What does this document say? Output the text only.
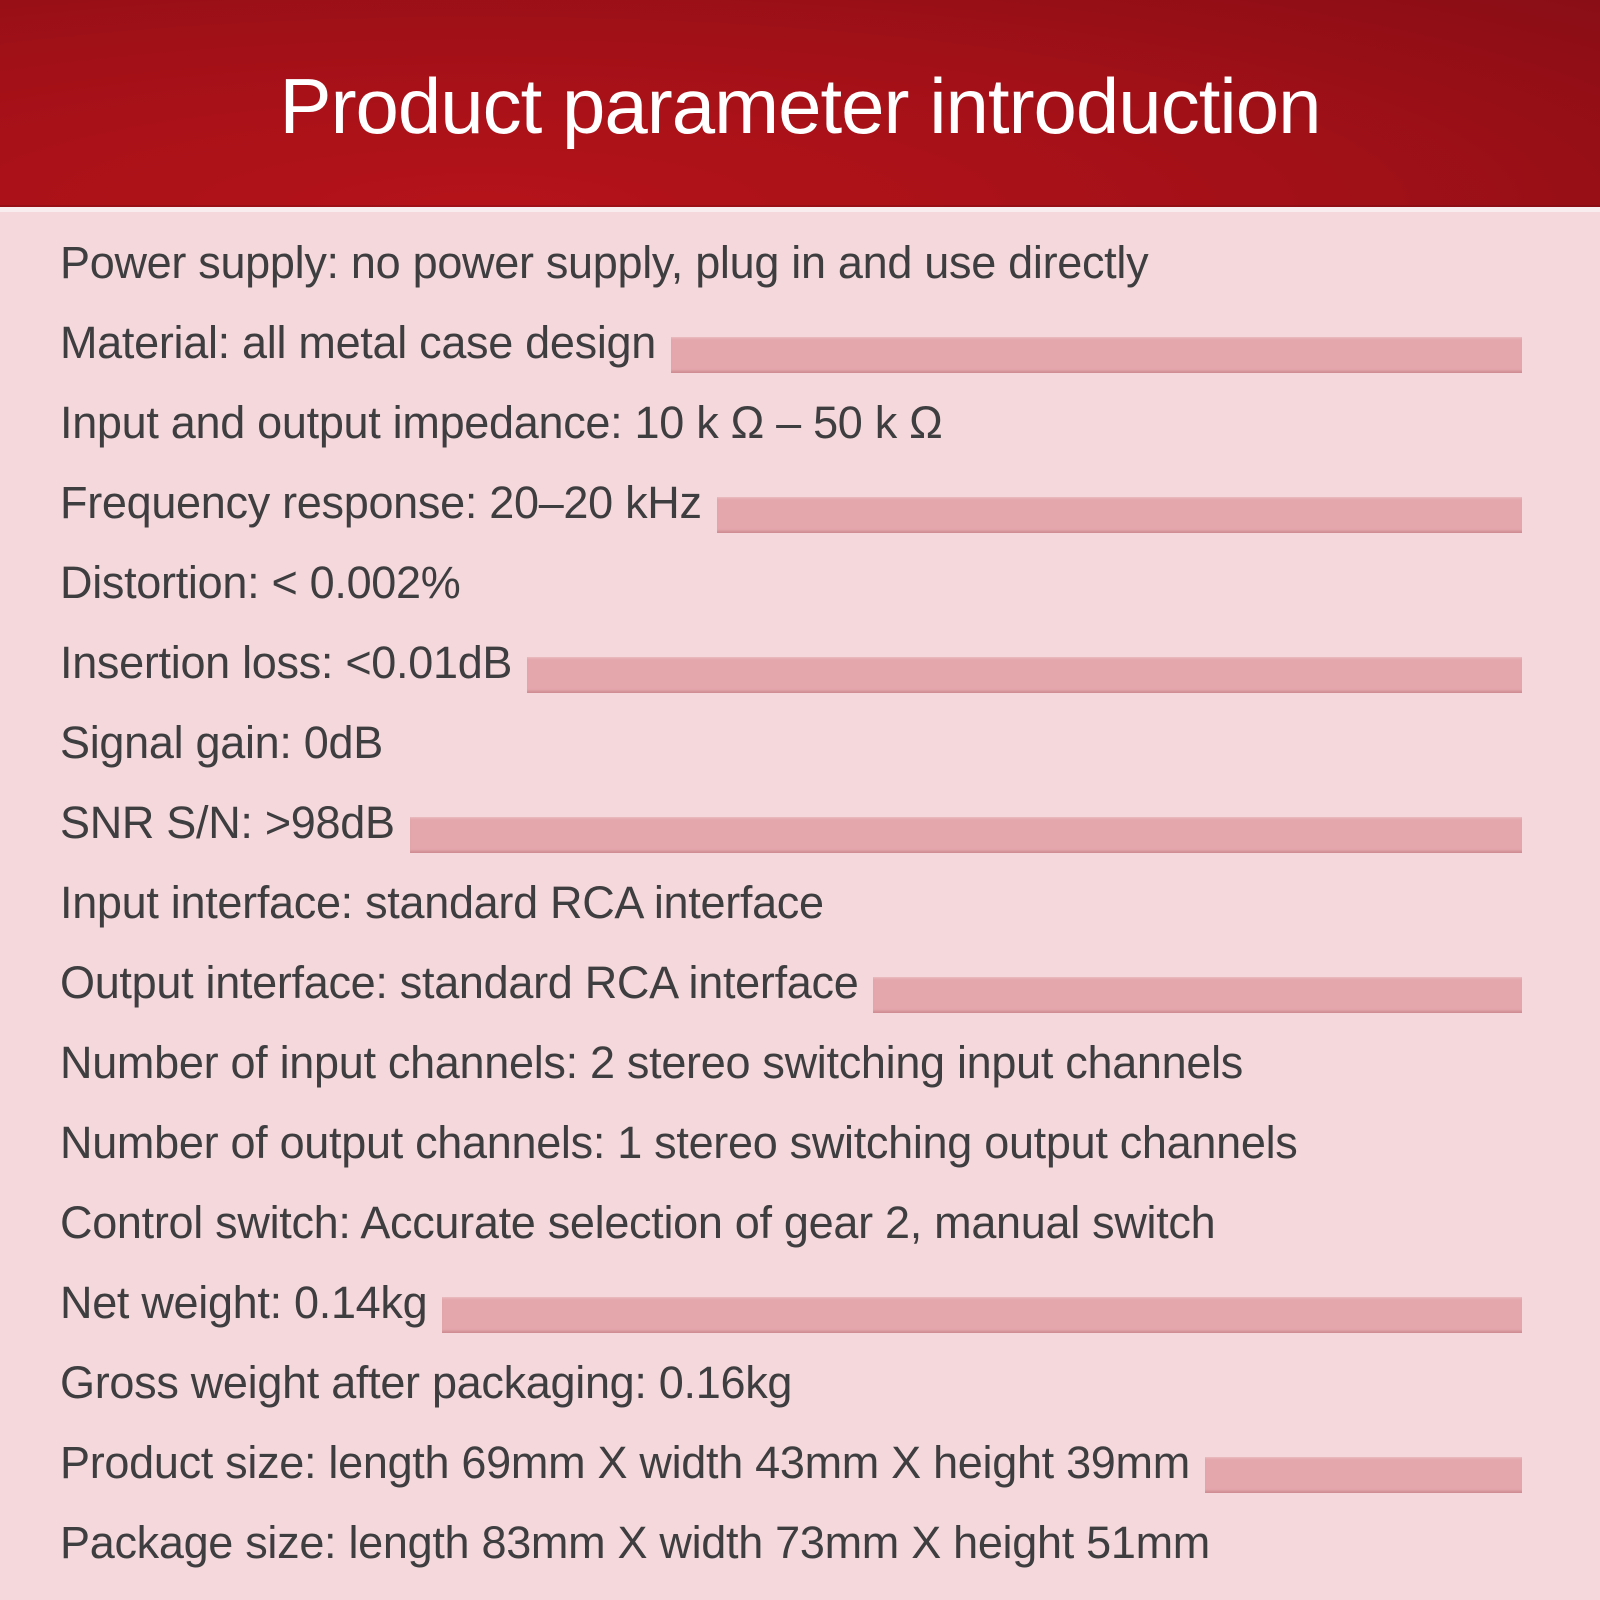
Product parameter introduction
Power supply: no power supply, plug in and use directly
Material: all metal case design
Input and output impedance: 10 k Ω – 50 k Ω
Frequency response: 20–20 kHz
Distortion: < 0.002%
Insertion loss: <0.01dB
Signal gain: 0dB
SNR S/N: >98dB
Input interface: standard RCA interface
Output interface: standard RCA interface
Number of input channels: 2 stereo switching input channels
Number of output channels: 1 stereo switching output channels
Control switch: Accurate selection of gear 2, manual switch
Net weight: 0.14kg
Gross weight after packaging: 0.16kg
Product size: length 69mm X width 43mm X height 39mm
Package size: length 83mm X width 73mm X height 51mm
